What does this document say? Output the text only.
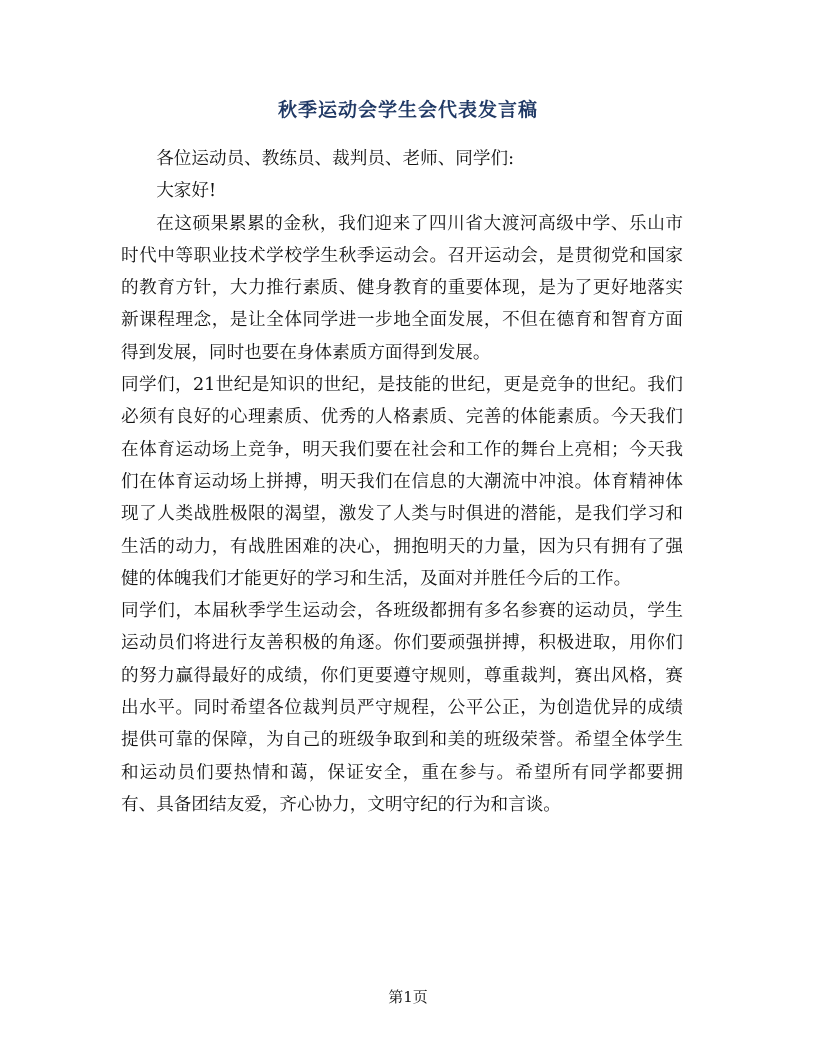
秋季运动会学生会代表发言稿

各位运动员、教练员、裁判员、老师、同学们:

大家好!

在这硕果累累的金秋，我们迎来了四川省大渡河高级中学、乐山市时代中等职业技术学校学生秋季运动会。召开运动会，是贯彻党和国家的教育方针，大力推行素质、健身教育的重要体现，是为了更好地落实新课程理念，是让全体同学进一步地全面发展，不但在德育和智育方面得到发展，同时也要在身体素质方面得到发展。

同学们，21世纪是知识的世纪，是技能的世纪，更是竞争的世纪。我们必须有良好的心理素质、优秀的人格素质、完善的体能素质。今天我们在体育运动场上竞争，明天我们要在社会和工作的舞台上亮相；今天我们在体育运动场上拼搏，明天我们在信息的大潮流中冲浪。体育精神体现了人类战胜极限的渴望，激发了人类与时俱进的潜能，是我们学习和生活的动力，有战胜困难的决心，拥抱明天的力量，因为只有拥有了强健的体魄我们才能更好的学习和生活，及面对并胜任今后的工作。

同学们，本届秋季学生运动会，各班级都拥有多名参赛的运动员，学生运动员们将进行友善积极的角逐。你们要顽强拼搏，积极进取，用你们的努力赢得最好的成绩，你们更要遵守规则，尊重裁判，赛出风格，赛出水平。同时希望各位裁判员严守规程，公平公正，为创造优异的成绩提供可靠的保障，为自己的班级争取到和美的班级荣誉。希望全体学生和运动员们要热情和蔼，保证安全，重在参与。希望所有同学都要拥有、具备团结友爱，齐心协力，文明守纪的行为和言谈。

第1页
